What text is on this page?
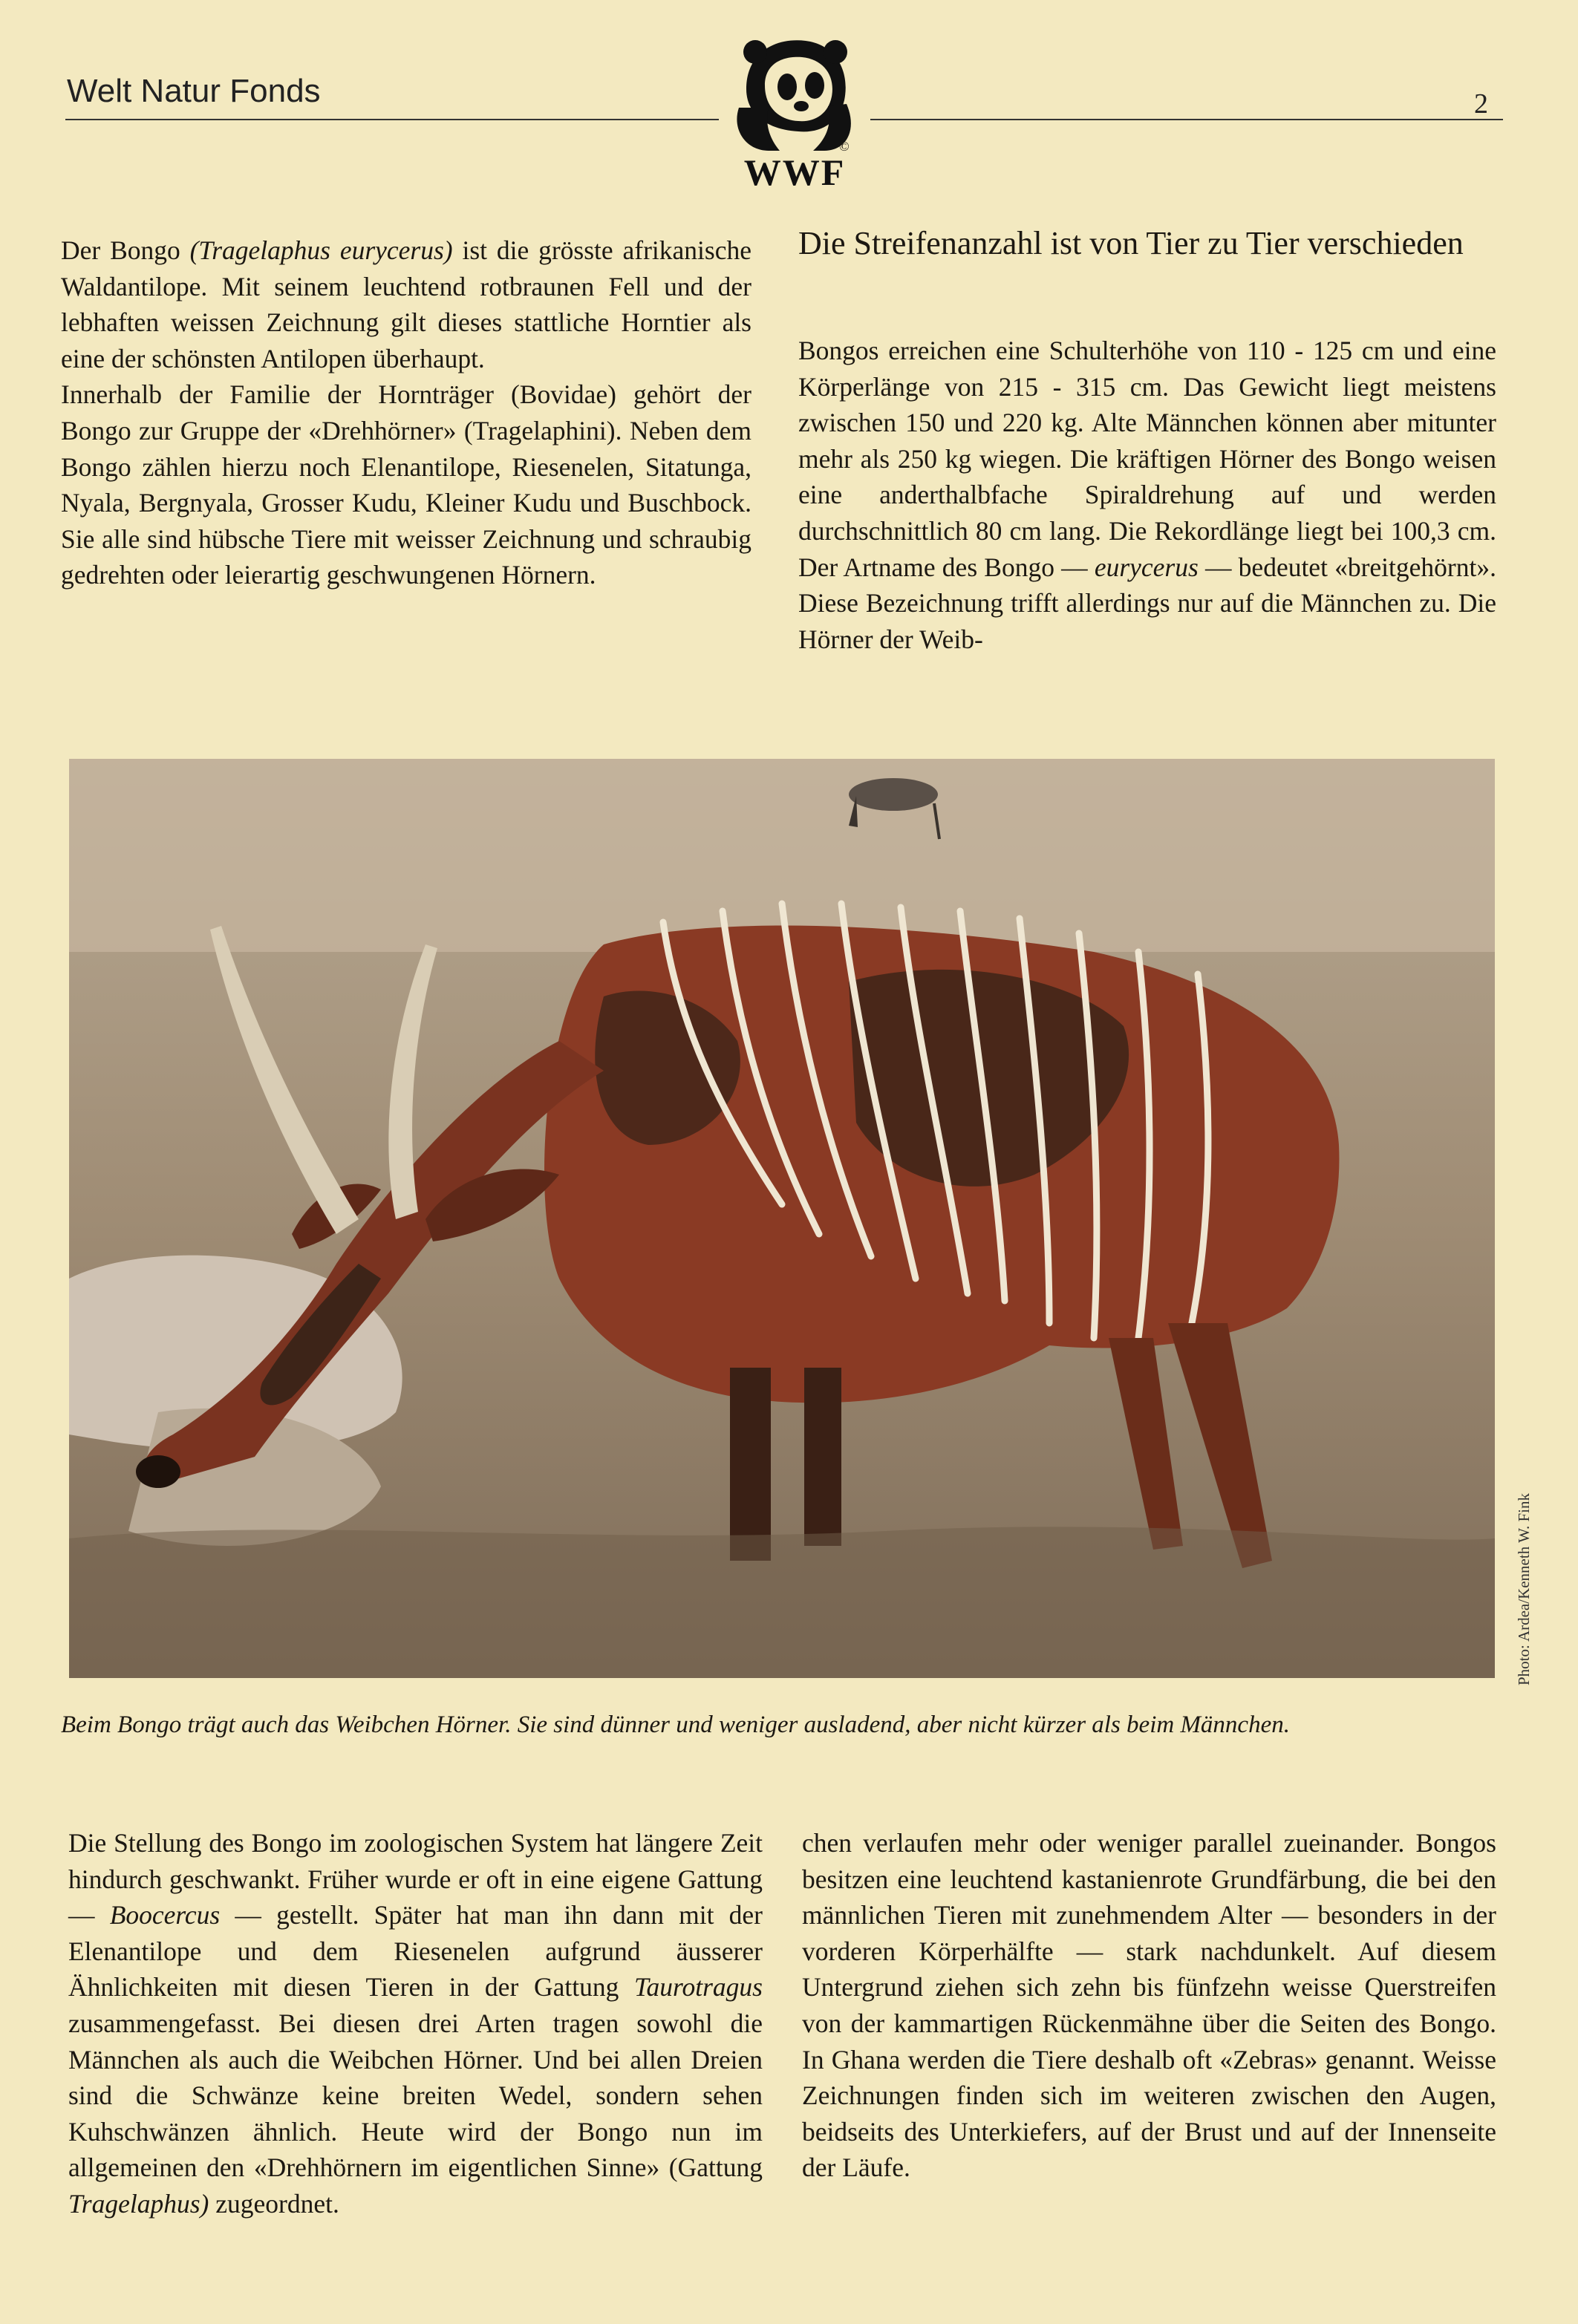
Welt Natur Fonds	2
©
WWF

Der Bongo (Tragelaphus eurycerus) ist die grösste afrikanische Waldantilope. Mit seinem leuchtend rotbraunen Fell und der lebhaften weissen Zeichnung gilt dieses stattliche Horntier als eine der schönsten Antilopen überhaupt.

Innerhalb der Familie der Hornträger (Bovidae) gehört der Bongo zur Gruppe der «Drehhörner» (Tragelaphini). Neben dem Bongo zählen hierzu noch Elenantilope, Riesenelen, Sitatunga, Nyala, Bergnyala, Grosser Kudu, Kleiner Kudu und Buschbock. Sie alle sind hübsche Tiere mit weisser Zeichnung und schraubig gedrehten oder leierartig geschwungenen Hörnern.

Die Streifenanzahl ist von Tier zu Tier verschieden

Bongos erreichen eine Schulterhöhe von 110 - 125 cm und eine Körperlänge von 215 - 315 cm. Das Gewicht liegt meistens zwischen 150 und 220 kg. Alte Männchen können aber mitunter mehr als 250 kg wiegen. Die kräftigen Hörner des Bongo weisen eine anderthalbfache Spiraldrehung auf und werden durchschnittlich 80 cm lang. Die Rekordlänge liegt bei 100,3 cm. Der Artname des Bongo — eurycerus — bedeutet «breitgehörnt». Diese Bezeichnung trifft allerdings nur auf die Männchen zu. Die Hörner der Weib-

Photo: Ardea/Kenneth W. Fink
Beim Bongo trägt auch das Weibchen Hörner. Sie sind dünner und weniger ausladend, aber nicht kürzer als beim Männchen.

Die Stellung des Bongo im zoologischen System hat längere Zeit hindurch geschwankt. Früher wurde er oft in eine eigene Gattung — Boocercus — gestellt. Später hat man ihn dann mit der Elenantilope und dem Riesenelen aufgrund äusserer Ähnlichkeiten mit diesen Tieren in der Gattung Taurotragus zusammengefasst. Bei diesen drei Arten tragen sowohl die Männchen als auch die Weibchen Hörner. Und bei allen Dreien sind die Schwänze keine breiten Wedel, sondern sehen Kuhschwänzen ähnlich. Heute wird der Bongo nun im allgemeinen den «Drehhörnern im eigentlichen Sinne» (Gattung Tragelaphus) zugeordnet.

chen verlaufen mehr oder weniger parallel zueinander. Bongos besitzen eine leuchtend kastanienrote Grundfärbung, die bei den männlichen Tieren mit zunehmendem Alter — besonders in der vorderen Körperhälfte — stark nachdunkelt. Auf diesem Untergrund ziehen sich zehn bis fünfzehn weisse Querstreifen von der kammartigen Rückenmähne über die Seiten des Bongo. In Ghana werden die Tiere deshalb oft «Zebras» genannt. Weisse Zeichnungen finden sich im weiteren zwischen den Augen, beidseits des Unterkiefers, auf der Brust und auf der Innenseite der Läufe.
